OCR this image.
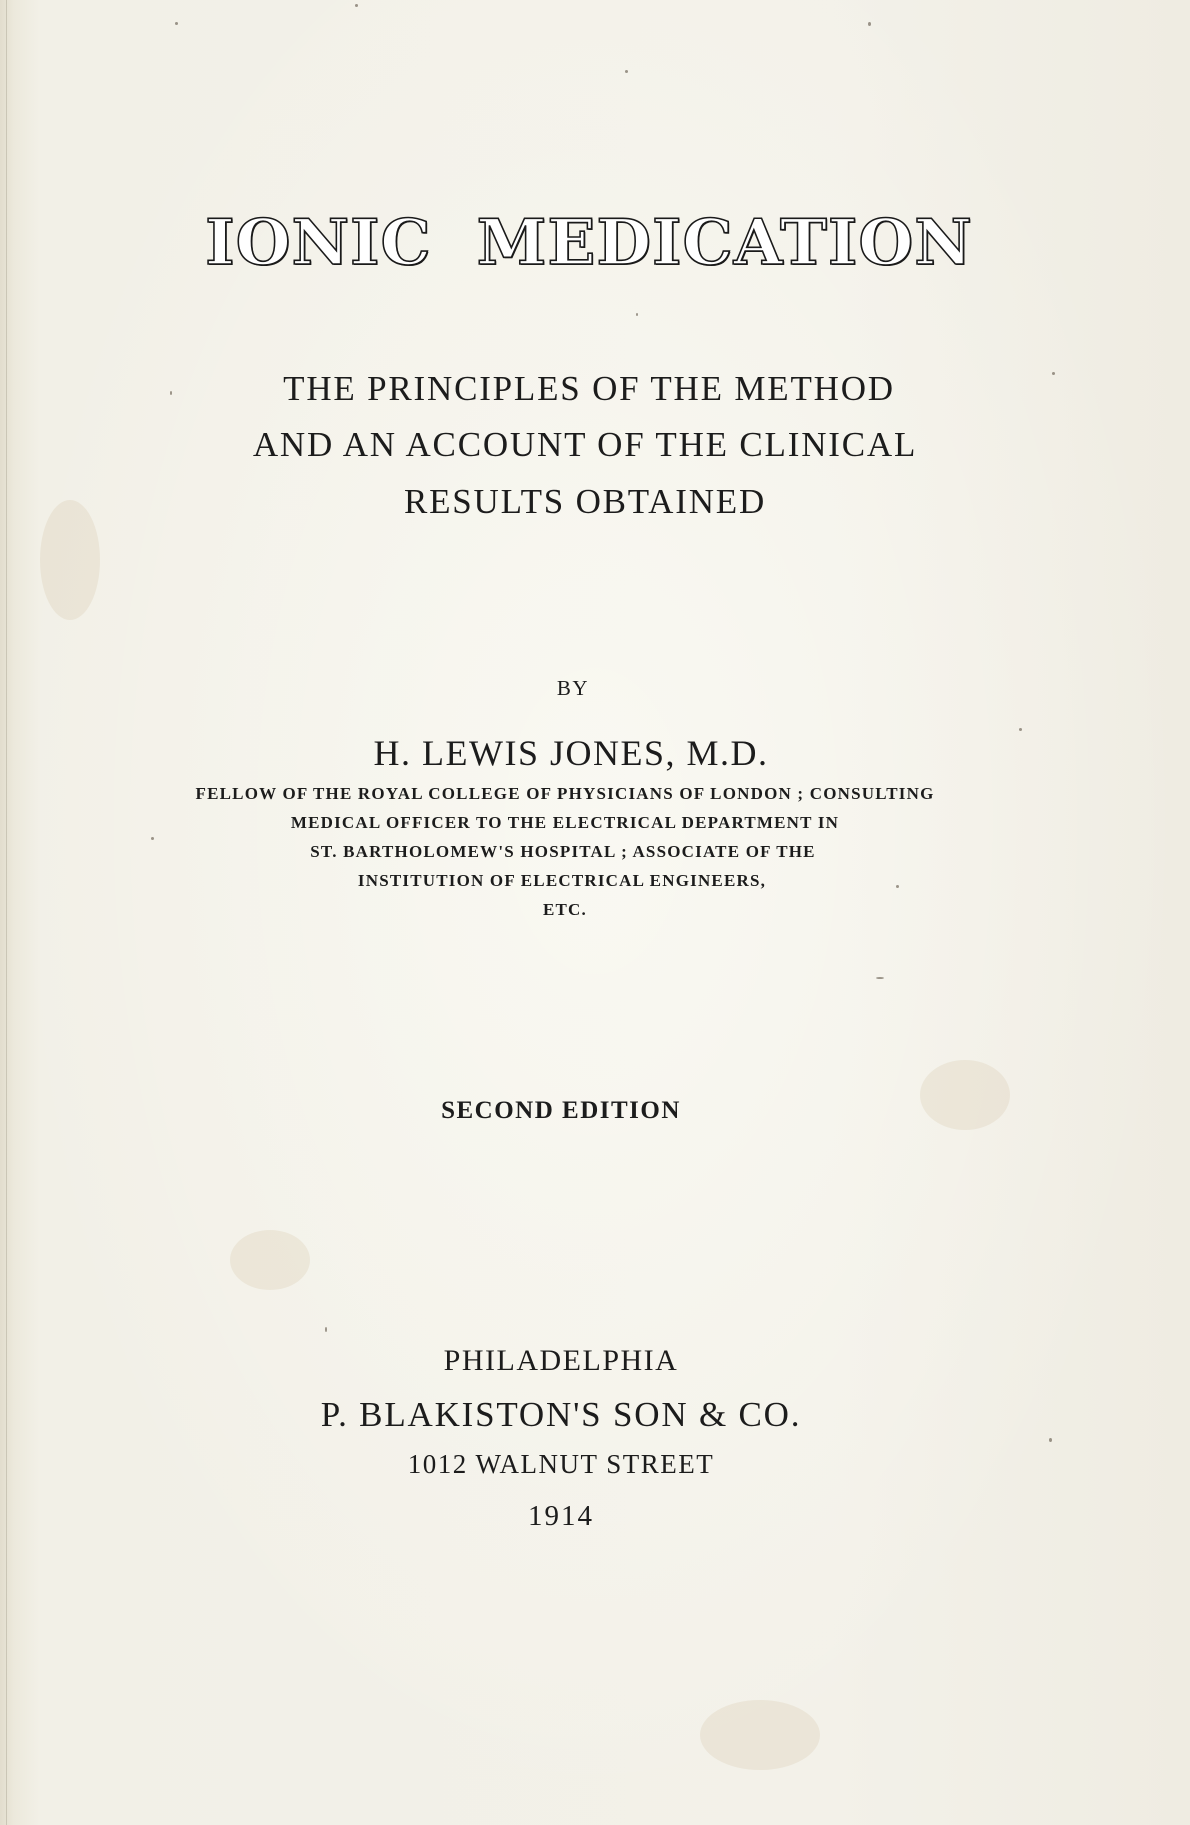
IONIC MEDICATION

THE PRINCIPLES OF THE METHOD

AND AN ACCOUNT OF THE CLINICAL

RESULTS OBTAINED

BY

H. LEWIS JONES, M.D.

FELLOW OF THE ROYAL COLLEGE OF PHYSICIANS OF LONDON ; CONSULTING

MEDICAL OFFICER TO THE ELECTRICAL DEPARTMENT IN

ST. BARTHOLOMEW'S HOSPITAL ; ASSOCIATE OF THE

INSTITUTION OF ELECTRICAL ENGINEERS,

ETC.

SECOND EDITION

PHILADELPHIA

P. BLAKISTON'S SON & CO.

1012 WALNUT STREET

1914
